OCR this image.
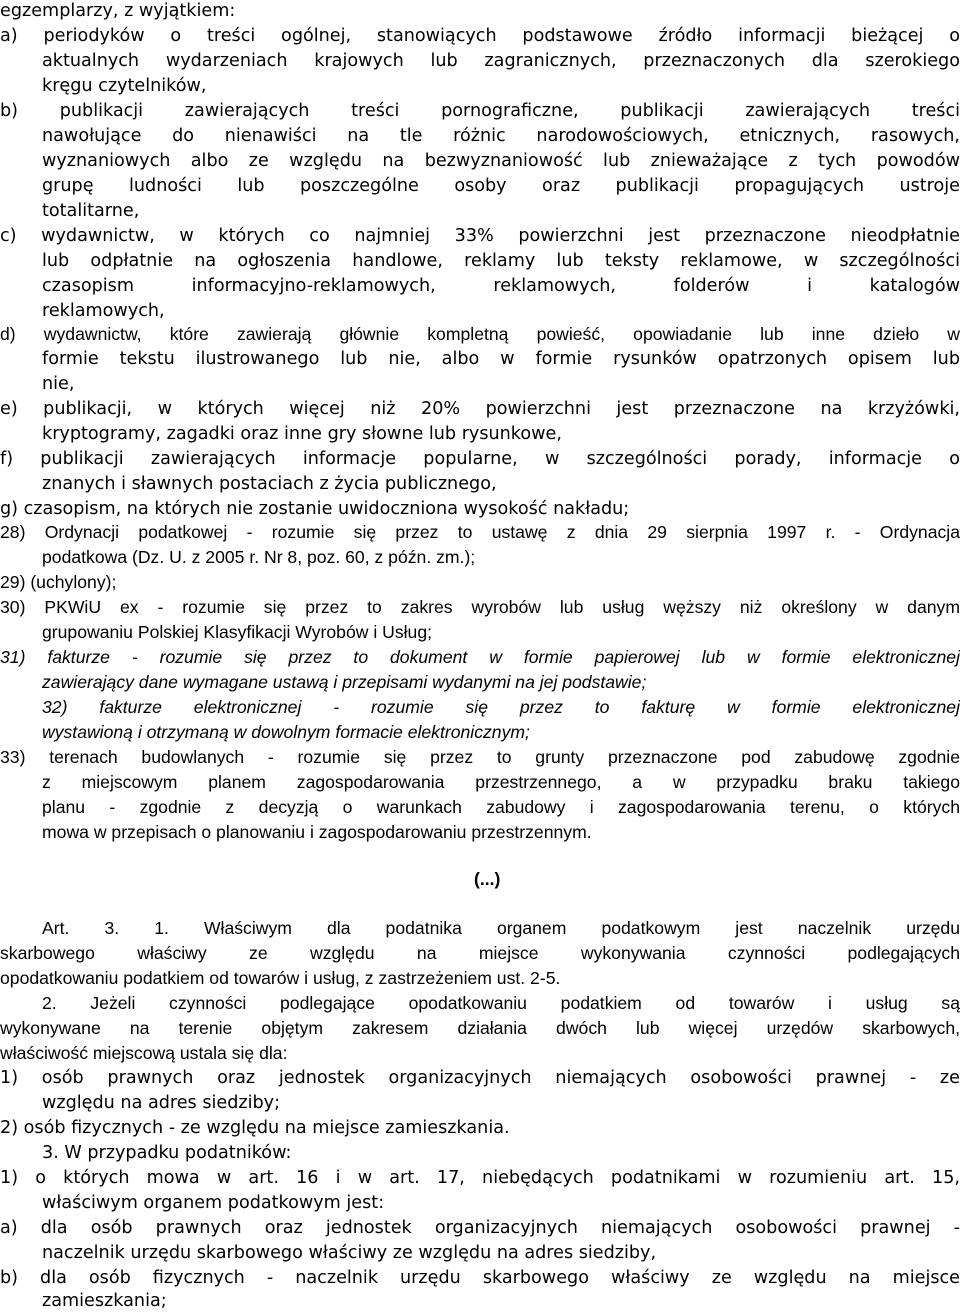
egzemplarzy, z wyjątkiem:
a) periodyków o treści ogólnej, stanowiących podstawowe źródło informacji bieżącej o
aktualnych wydarzeniach krajowych lub zagranicznych, przeznaczonych dla szerokiego
kręgu czytelników,
b) publikacji zawierających treści pornograficzne, publikacji zawierających treści
nawołujące do nienawiści na tle różnic narodowościowych, etnicznych, rasowych,
wyznaniowych albo ze względu na bezwyznaniowość lub znieważające z tych powodów
grupę ludności lub poszczególne osoby oraz publikacji propagujących ustroje
totalitarne,
c) wydawnictw, w których co najmniej 33% powierzchni jest przeznaczone nieodpłatnie
lub odpłatnie na ogłoszenia handlowe, reklamy lub teksty reklamowe, w szczególności
czasopism informacyjno-reklamowych, reklamowych, folderów i katalogów
reklamowych,
d) wydawnictw, które zawierają głównie kompletną powieść, opowiadanie lub inne dzieło w
formie tekstu ilustrowanego lub nie, albo w formie rysunków opatrzonych opisem lub
nie,
e) publikacji, w których więcej niż 20% powierzchni jest przeznaczone na krzyżówki,
kryptogramy, zagadki oraz inne gry słowne lub rysunkowe,
f) publikacji zawierających informacje popularne, w szczególności porady, informacje o
znanych i sławnych postaciach z życia publicznego,
g) czasopism, na których nie zostanie uwidoczniona wysokość nakładu;
28) Ordynacji podatkowej - rozumie się przez to ustawę z dnia 29 sierpnia 1997 r. - Ordynacja
podatkowa (Dz. U. z 2005 r. Nr 8, poz. 60, z późn. zm.);
29) (uchylony);
30) PKWiU ex - rozumie się przez to zakres wyrobów lub usług węższy niż określony w danym
grupowaniu Polskiej Klasyfikacji Wyrobów i Usług;
31) fakturze - rozumie się przez to dokument w formie papierowej lub w formie elektronicznej
zawierający dane wymagane ustawą i przepisami wydanymi na jej podstawie;
32) fakturze elektronicznej - rozumie się przez to fakturę w formie elektronicznej
wystawioną i otrzymaną w dowolnym formacie elektronicznym;
33) terenach budowlanych - rozumie się przez to grunty przeznaczone pod zabudowę zgodnie
z miejscowym planem zagospodarowania przestrzennego, a w przypadku braku takiego
planu - zgodnie z decyzją o warunkach zabudowy i zagospodarowania terenu, o których
mowa w przepisach o planowaniu i zagospodarowaniu przestrzennym.
(...)
Art. 3. 1. Właściwym dla podatnika organem podatkowym jest naczelnik urzędu
skarbowego właściwy ze względu na miejsce wykonywania czynności podlegających
opodatkowaniu podatkiem od towarów i usług, z zastrzeżeniem ust. 2-5.
2. Jeżeli czynności podlegające opodatkowaniu podatkiem od towarów i usług są
wykonywane na terenie objętym zakresem działania dwóch lub więcej urzędów skarbowych,
właściwość miejscową ustala się dla:
1) osób prawnych oraz jednostek organizacyjnych niemających osobowości prawnej - ze
względu na adres siedziby;
2) osób fizycznych - ze względu na miejsce zamieszkania.
3. W przypadku podatników:
1) o których mowa w art. 16 i w art. 17, niebędących podatnikami w rozumieniu art. 15,
właściwym organem podatkowym jest:
a) dla osób prawnych oraz jednostek organizacyjnych niemających osobowości prawnej -
naczelnik urzędu skarbowego właściwy ze względu na adres siedziby,
b) dla osób fizycznych - naczelnik urzędu skarbowego właściwy ze względu na miejsce
zamieszkania;
